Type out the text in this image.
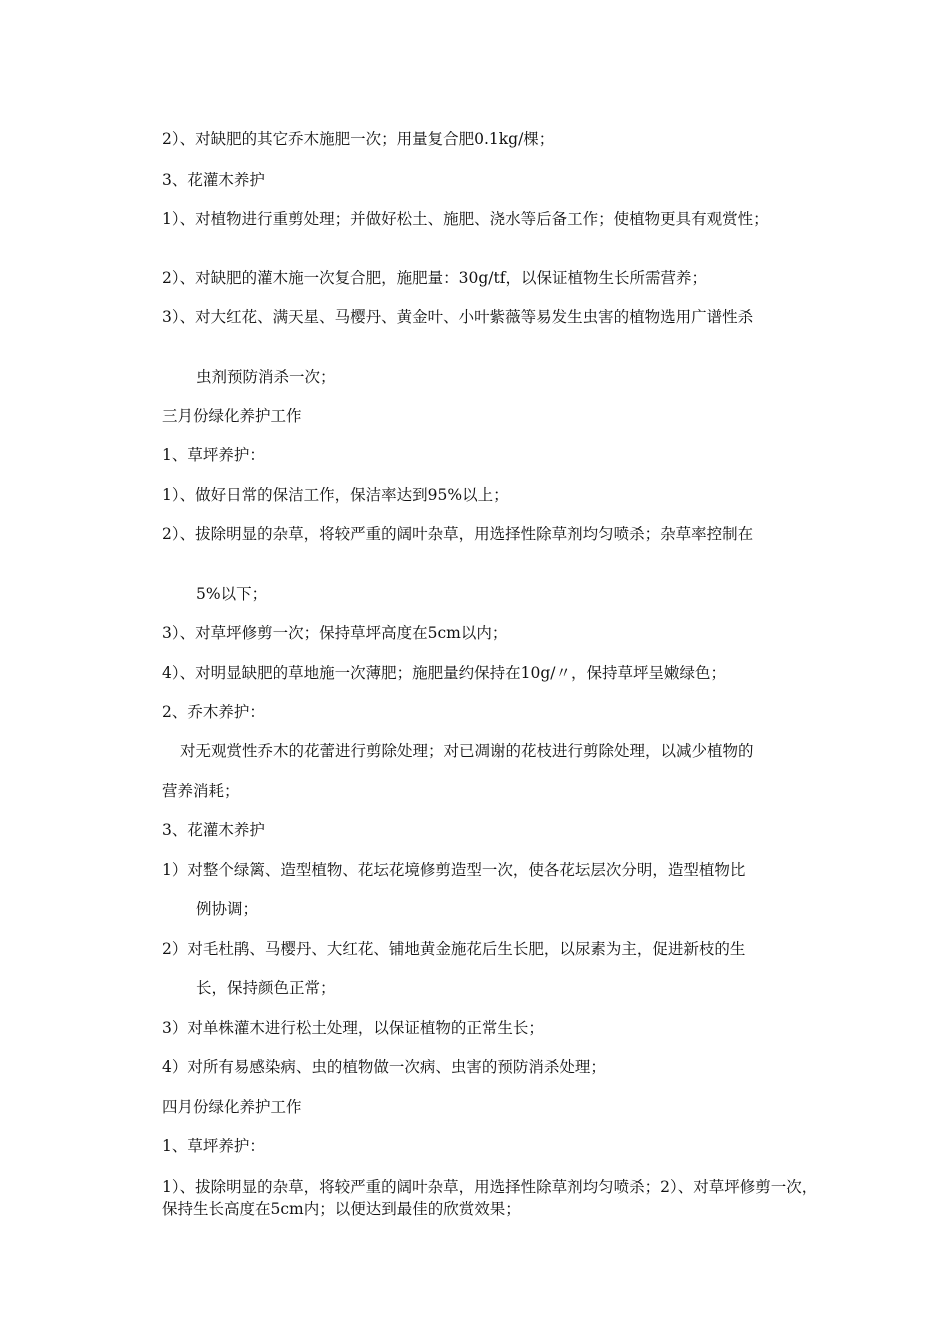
2）、对缺肥的其它乔木施肥一次；用量复合肥0.1kg/棵；

3、花灌木养护

1）、对植物进行重剪处理；并做好松土、施肥、浇水等后备工作；使植物更具有观赏性；

2）、对缺肥的灌木施一次复合肥，施肥量：30g/tf，以保证植物生长所需营养；

3）、对大红花、满天星、马樱丹、黄金叶、小叶紫薇等易发生虫害的植物选用广谱性杀

虫剂预防消杀一次；

三月份绿化养护工作

1、草坪养护：

1）、做好日常的保洁工作，保洁率达到95%以上；

2）、拔除明显的杂草，将较严重的阔叶杂草，用选择性除草剂均匀喷杀；杂草率控制在

5%以下；

3）、对草坪修剪一次；保持草坪高度在5cm以内；

4）、对明显缺肥的草地施一次薄肥；施肥量约保持在10g/〃，保持草坪呈嫩绿色；

2、乔木养护：

对无观赏性乔木的花蕾进行剪除处理；对已凋谢的花枝进行剪除处理，以减少植物的

营养消耗；

3、花灌木养护

1）对整个绿篱、造型植物、花坛花境修剪造型一次，使各花坛层次分明，造型植物比

例协调；

2）对毛杜鹃、马樱丹、大红花、铺地黄金施花后生长肥，以尿素为主，促进新枝的生

长，保持颜色正常；

3）对单株灌木进行松土处理，以保证植物的正常生长；

4）对所有易感染病、虫的植物做一次病、虫害的预防消杀处理；

四月份绿化养护工作

1、草坪养护：

1）、拔除明显的杂草，将较严重的阔叶杂草，用选择性除草剂均匀喷杀；2）、对草坪修剪一次，保持生长高度在5cm内；以便达到最佳的欣赏效果；
